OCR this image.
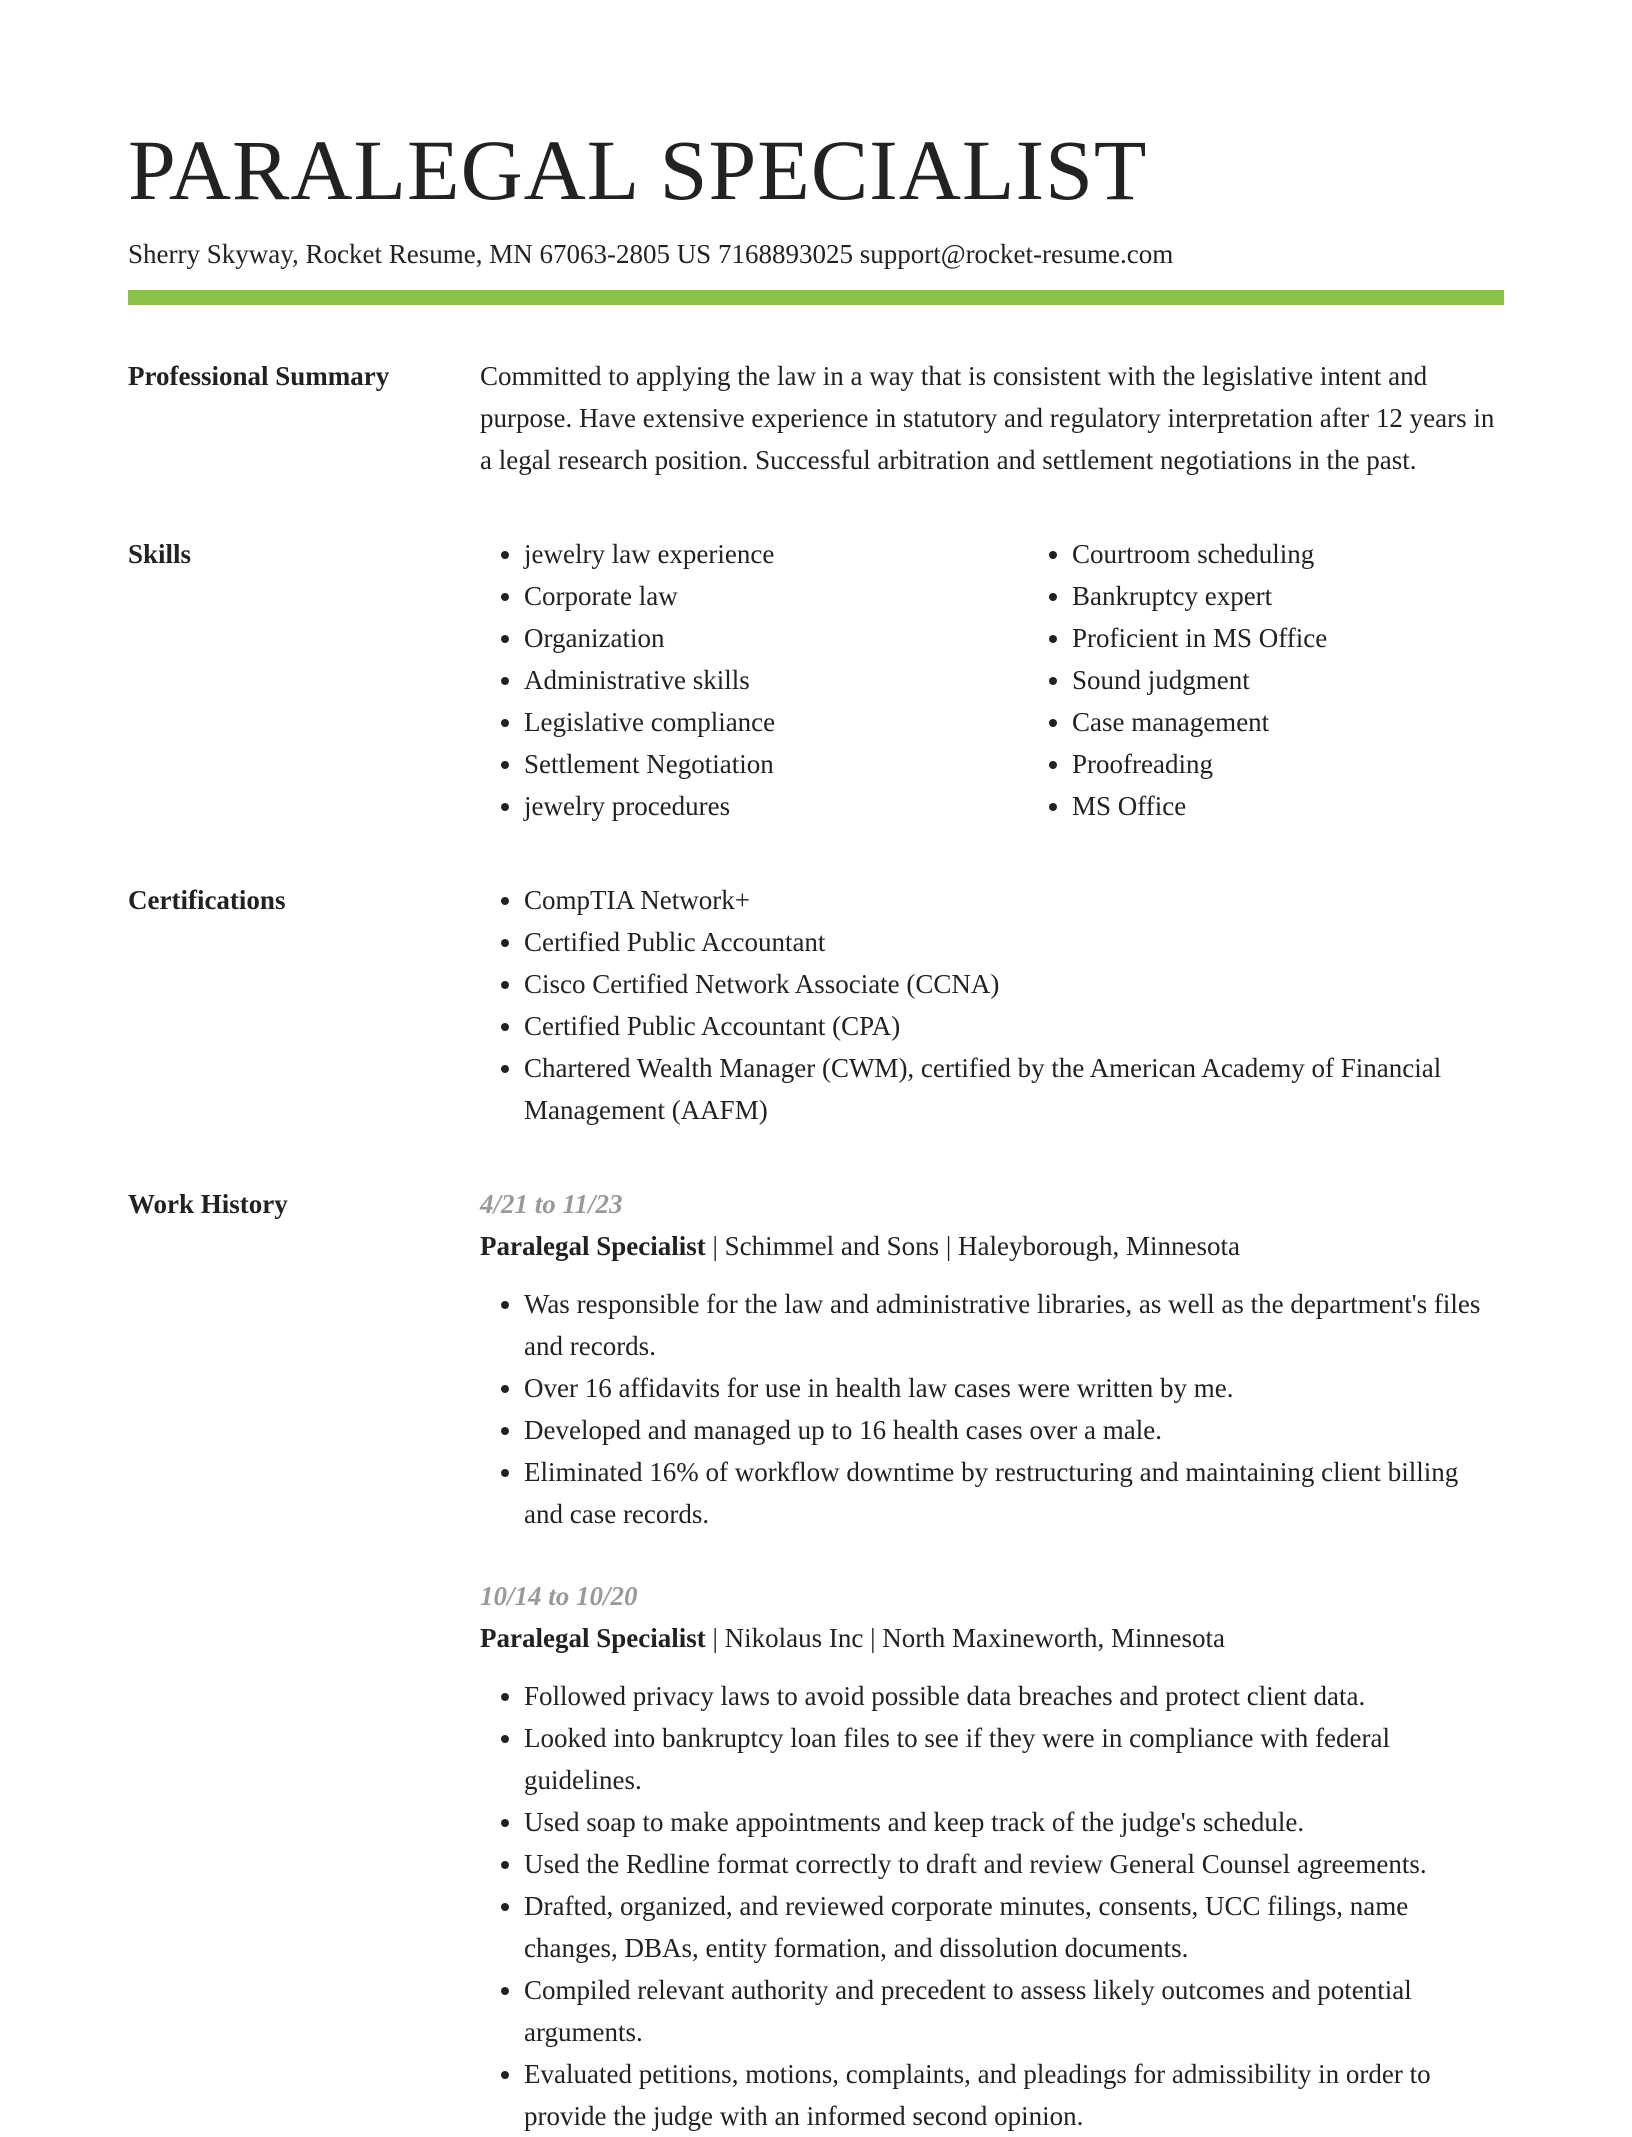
PARALEGAL SPECIALIST
Sherry Skyway, Rocket Resume, MN 67063-2805 US 7168893025 support@rocket-resume.com
Professional Summary	Committed to applying the law in a way that is consistent with the legislative intent and purpose. Have extensive experience in statutory and regulatory interpretation after 12 years in a legal research position. Successful arbitration and settlement negotiations in the past.

Skills	• jewelry law experience
• Corporate law
• Organization
• Administrative skills
• Legislative compliance
• Settlement Negotiation
• jewelry procedures
• Courtroom scheduling
• Bankruptcy expert
• Proficient in MS Office
• Sound judgment
• Case management
• Proofreading
• MS Office
Certifications	• CompTIA Network+
• Certified Public Accountant
• Cisco Certified Network Associate (CCNA)
• Certified Public Accountant (CPA)
• Chartered Wealth Manager (CWM), certified by the American Academy of Financial Management (AAFM)
Work History	4/21 to 11/23
Paralegal Specialist | Schimmel and Sons | Haleyborough, Minnesota
• Was responsible for the law and administrative libraries, as well as the department's files and records.
• Over 16 affidavits for use in health law cases were written by me.
• Developed and managed up to 16 health cases over a male.
• Eliminated 16% of workflow downtime by restructuring and maintaining client billing and case records.
10/14 to 10/20
Paralegal Specialist | Nikolaus Inc | North Maxineworth, Minnesota
• Followed privacy laws to avoid possible data breaches and protect client data.
• Looked into bankruptcy loan files to see if they were in compliance with federal guidelines.
• Used soap to make appointments and keep track of the judge's schedule.
• Used the Redline format correctly to draft and review General Counsel agreements.
• Drafted, organized, and reviewed corporate minutes, consents, UCC filings, name changes, DBAs, entity formation, and dissolution documents.
• Compiled relevant authority and precedent to assess likely outcomes and potential arguments.
• Evaluated petitions, motions, complaints, and pleadings for admissibility in order to provide the judge with an informed second opinion.
